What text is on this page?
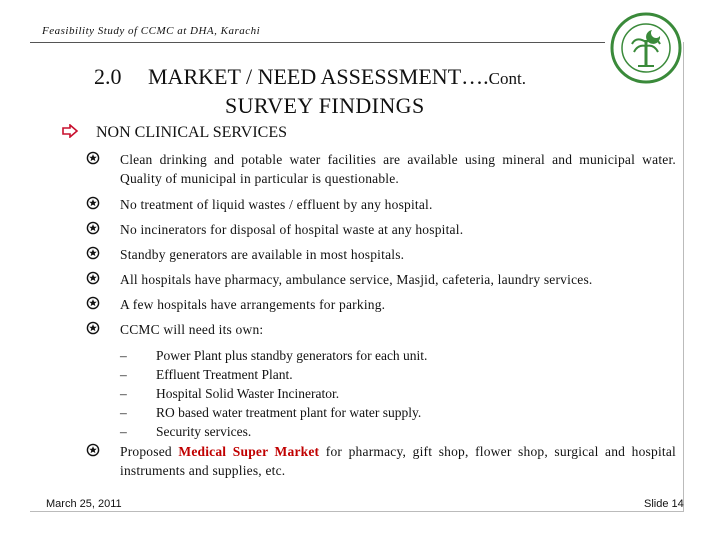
Feasibility Study of CCMC at DHA, Karachi
2.0 MARKET / NEED ASSESSMENT….Cont.
SURVEY FINDINGS
NON CLINICAL SERVICES
Clean drinking and potable water facilities are available using mineral and municipal water. Quality of municipal in particular is questionable.
No treatment of liquid wastes / effluent by any hospital.
No incinerators for disposal of hospital waste at any hospital.
Standby generators are available in most hospitals.
All hospitals have pharmacy, ambulance service, Masjid, cafeteria, laundry services.
A few hospitals have arrangements for parking.
CCMC will need its own:
– Power Plant plus standby generators for each unit.
– Effluent Treatment Plant.
– Hospital Solid Waster Incinerator.
– RO based water treatment plant for water supply.
– Security services.
Proposed Medical Super Market for pharmacy, gift shop, flower shop, surgical and hospital instruments and supplies, etc.
March 25, 2011	Slide 14
